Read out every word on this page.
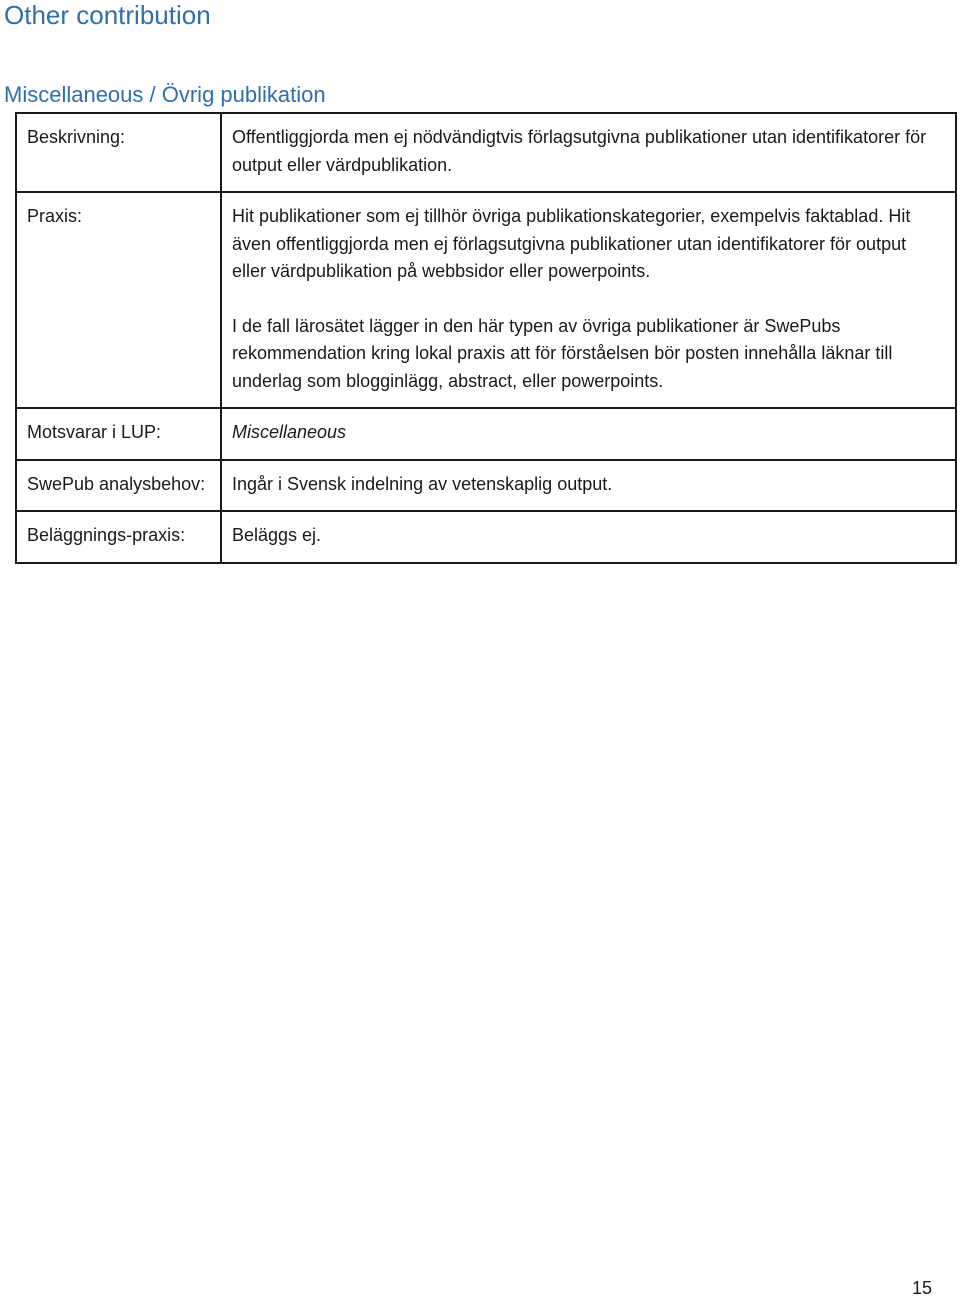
Other contribution
Miscellaneous / Övrig publikation
Beskrivning:	Offentliggjorda men ej nödvändigtvis förlagsutgivna publikationer utan identifikatorer för output eller värdpublikation.

Praxis:	Hit publikationer som ej tillhör övriga publikationskategorier, exempelvis faktablad. Hit även offentliggjorda men ej förlagsutgivna publikationer utan identifikatorer för output eller värdpublikation på webbsidor eller powerpoints.

I de fall lärosätet lägger in den här typen av övriga publikationer är SwePubs rekommendation kring lokal praxis att för förståelsen bör posten innehålla läknar till underlag som blogginlägg, abstract, eller powerpoints.

Motsvarar i LUP:	Miscellaneous
SwePub analysbehov:	Ingår i Svensk indelning av vetenskaplig output.
Beläggnings-praxis:	Beläggs ej.
15
